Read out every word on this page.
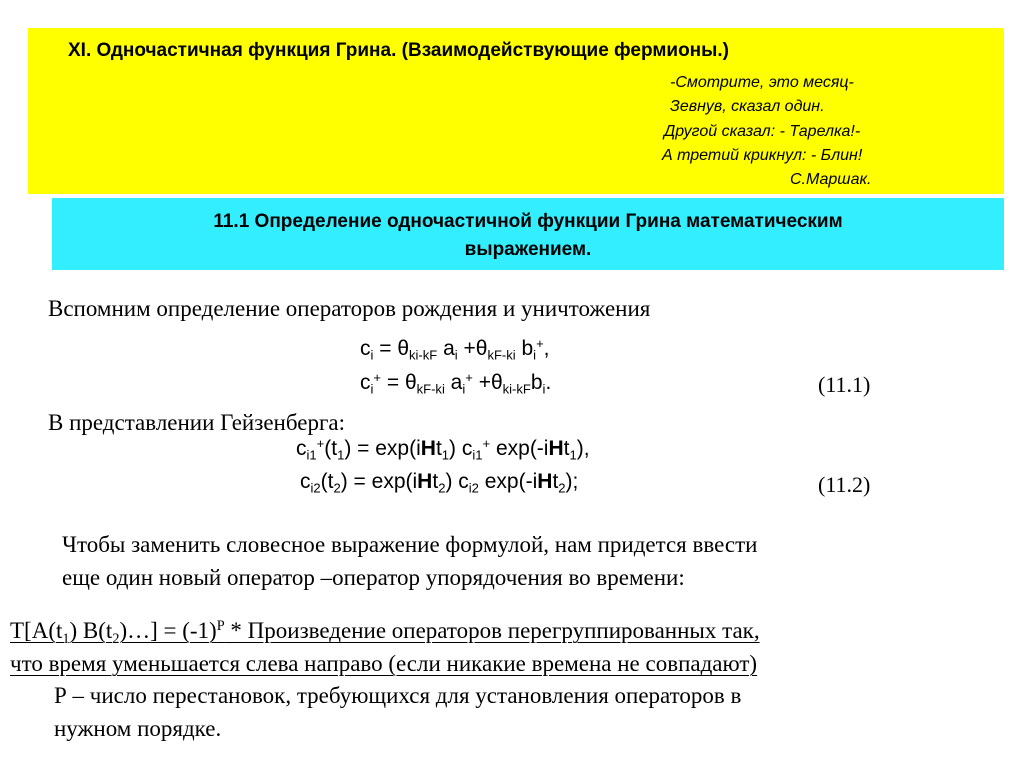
XI. Одночастичная функция Грина. (Взаимодействующие фермионы.)
-Смотрите, это месяц-
Зевнув, сказал один.
Другой сказал: - Тарелка!-
А третий крикнул: - Блин!
С.Маршак.
11.1 Определение одночастичной функции Грина математическим
выражением.
Вспомним определение операторов рождения и уничтожения
$c_i = \theta_{ki-kF}$ $a_i +\theta_{kF-ki}$ $b_i^+$,
$c_i^+ = \theta_{kF-ki}$ $a_i^+ +\theta_{ki-kF}b_i$.	(11.1)
В представлении Гейзенберга:
$c_{i1}^+(t_1) = \exp(iHt_1)$ $c_{i1}^+$ exp(-iHt$_1$),
$c_{i2}(t_2) = \exp(iHt_2)$ $c_{i2}$ exp(-iHt$_2$);	(11.2)
Чтобы заменить словесное выражение формулой, нам придется ввести
еще один новый оператор –оператор упорядочения во времени:
$T[A(t_1)$ $B(t_2)\dots] = (-1)^P$ * Произведение операторов перегруппированных так,
что время уменьшается слева направо (если никакие времена не совпадают)
Р – число перестановок, требующихся для установления операторов в
нужном порядке.
